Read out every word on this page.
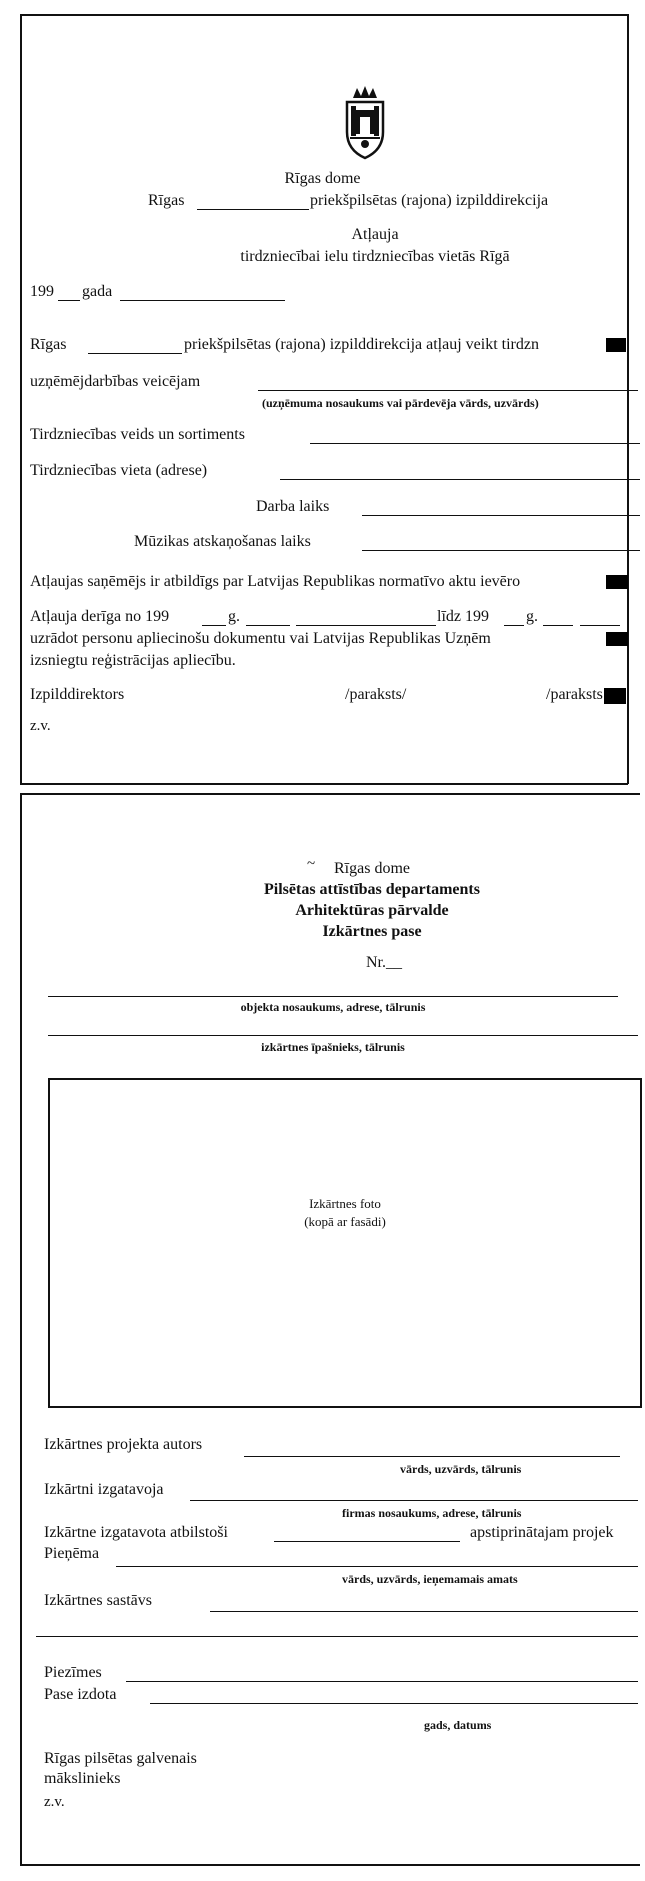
Rīgas dome
Rīgas	priekšpilsētas (rajona) izpilddirekcija
Atļauja
tirdzniecībai ielu tirdzniecības vietās Rīgā
199 gada
Rīgas	priekšpilsētas (rajona) izpilddirekcija atļauj veikt tirdzn
uzņēmējdarbības veicējam
(uzņēmuma nosaukums vai pārdevēja vārds, uzvārds)
Tirdzniecības veids un sortiments
Tirdzniecības vieta (adrese)
Darba laiks
Mūzikas atskaņošanas laiks
Atļaujas saņēmējs ir atbildīgs par Latvijas Republikas normatīvo aktu ievēro
Atļauja derīga no 199	g.	līdz 199 g.
uzrādot personu apliecinošu dokumentu vai Latvijas Republikas Uzņēm
izsniegtu reģistrācijas apliecību.
Izpilddirektors	/paraksts/	/paraksts
z.v.
~	Rīgas dome
Pilsētas attīstības departaments
Arhitektūras pārvalde
Izkārtnes pase
Nr.__
objekta nosaukums, adrese, tālrunis
izkārtnes īpašnieks, tālrunis
Izkārtnes foto
(kopā ar fasādi)
Izkārtnes projekta autors
vārds, uzvārds, tālrunis
Izkārtni izgatavoja
firmas nosaukums, adrese, tālrunis
Izkārtne izgatavota atbilstoši	apstiprinātajam projek
Pieņēma
vārds, uzvārds, ieņemamais amats
Izkārtnes sastāvs
Piezīmes
Pase izdota
gads, datums
Rīgas pilsētas galvenais
mākslinieks
z.v.
